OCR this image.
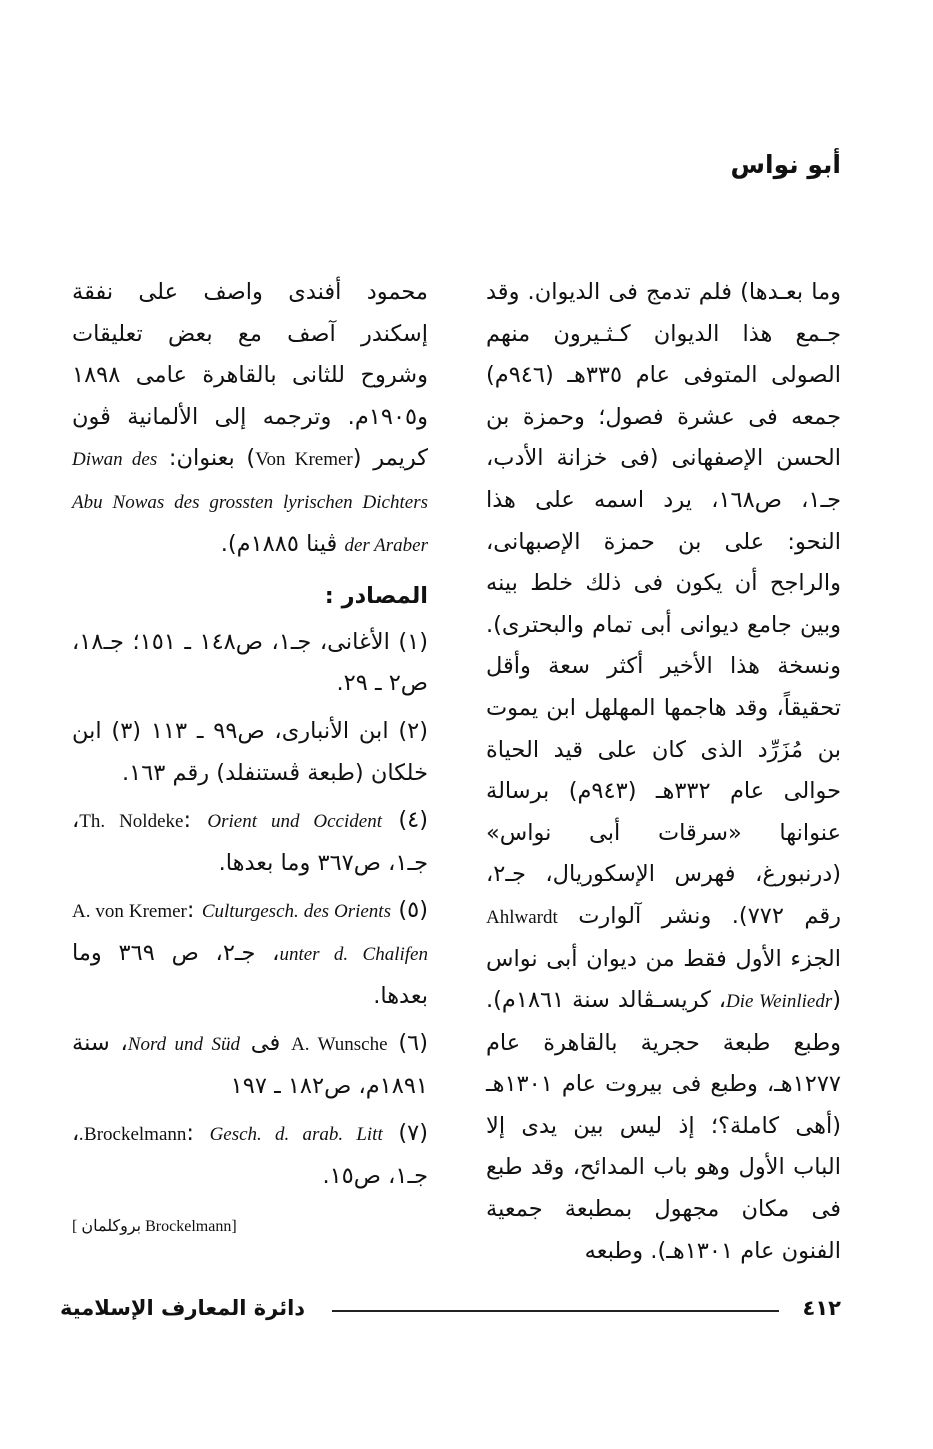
أبو نواس

وما بعـدها) فلم تدمج فى الديوان. وقد جـمع هذا الديوان كـثـيرون منهم الصولى المتوفى عام ٣٣٥هـ (٩٤٦م) جمعه فى عشرة فصول؛ وحمزة بن الحسن الإصفهانى (فى خزانة الأدب، جـ١، ص١٦٨، يرد اسمه على هذا النحو: على بن حمزة الإصبهانى، والراجح أن يكون فى ذلك خلط بينه وبين جامع ديوانى أبى تمام والبحترى). ونسخة هذا الأخير أكثر سعة وأقل تحقيقاً، وقد هاجمها المهلهل ابن يموت بن مُزَرِّد الذى كان على قيد الحياة حوالى عام ٣٣٢هـ (٩٤٣م) برسالة عنوانها «سرقات أبى نواس» (درنبورغ، فهرس الإسكوريال، جـ٢، رقم ٧٧٢). ونشر آلوارت Ahlwardt الجزء الأول فقط من ديوان أبى نواس (Die Weinliedr، كريسـڤالد سنة ١٨٦١م). وطبع طبعة حجرية بالقاهرة عام ١٢٧٧هـ، وطبع فى بيروت عام ١٣٠١هـ (أهى كاملة؟؛ إذ ليس بين يدى إلا الباب الأول وهو باب المدائح، وقد طبع فى مكان مجهول بمطبعة جمعية الفنون عام ١٣٠١هـ). وطبعه

محمود أفندى واصف على نفقة إسكندر آصف مع بعض تعليقات وشروح للثانى بالقاهرة عامى ١٨٩٨ و١٩٠٥م. وترجمه إلى الألمانية ڤون كريمر (Von Kremer) بعنوان: Diwan des Abu Nowas des grossten lyrischen Dichters der Araber ڤينا ١٨٨٥م).

المصادر :

(١) الأغانى، جـ١، ص١٤٨ ـ ١٥١؛ جـ١٨، ص٢ ـ ٢٩.

(٢) ابن الأنبارى، ص٩٩ ـ ١١٣ (٣) ابن خلكان (طبعة ڤستنفلد) رقم ١٦٣.

(٤) Th. Noldeke: Orient und Occident، جـ١، ص٣٦٧ وما بعدها.

(٥) A. von Kremer: Culturgesch. des Orients unter d. Chalifen، جـ٢، ص ٣٦٩ وما بعدها.

(٦) A. Wunsche فى Nord und Süd، سنة ١٨٩١م، ص١٨٢ ـ ١٩٧

(٧) Brockelmann: Gesch. d. arab. Litt.، جـ١، ص١٥.

[ بروكلمان Brockelmann]

دائرة المعارف الإسلامية	٤١٢
